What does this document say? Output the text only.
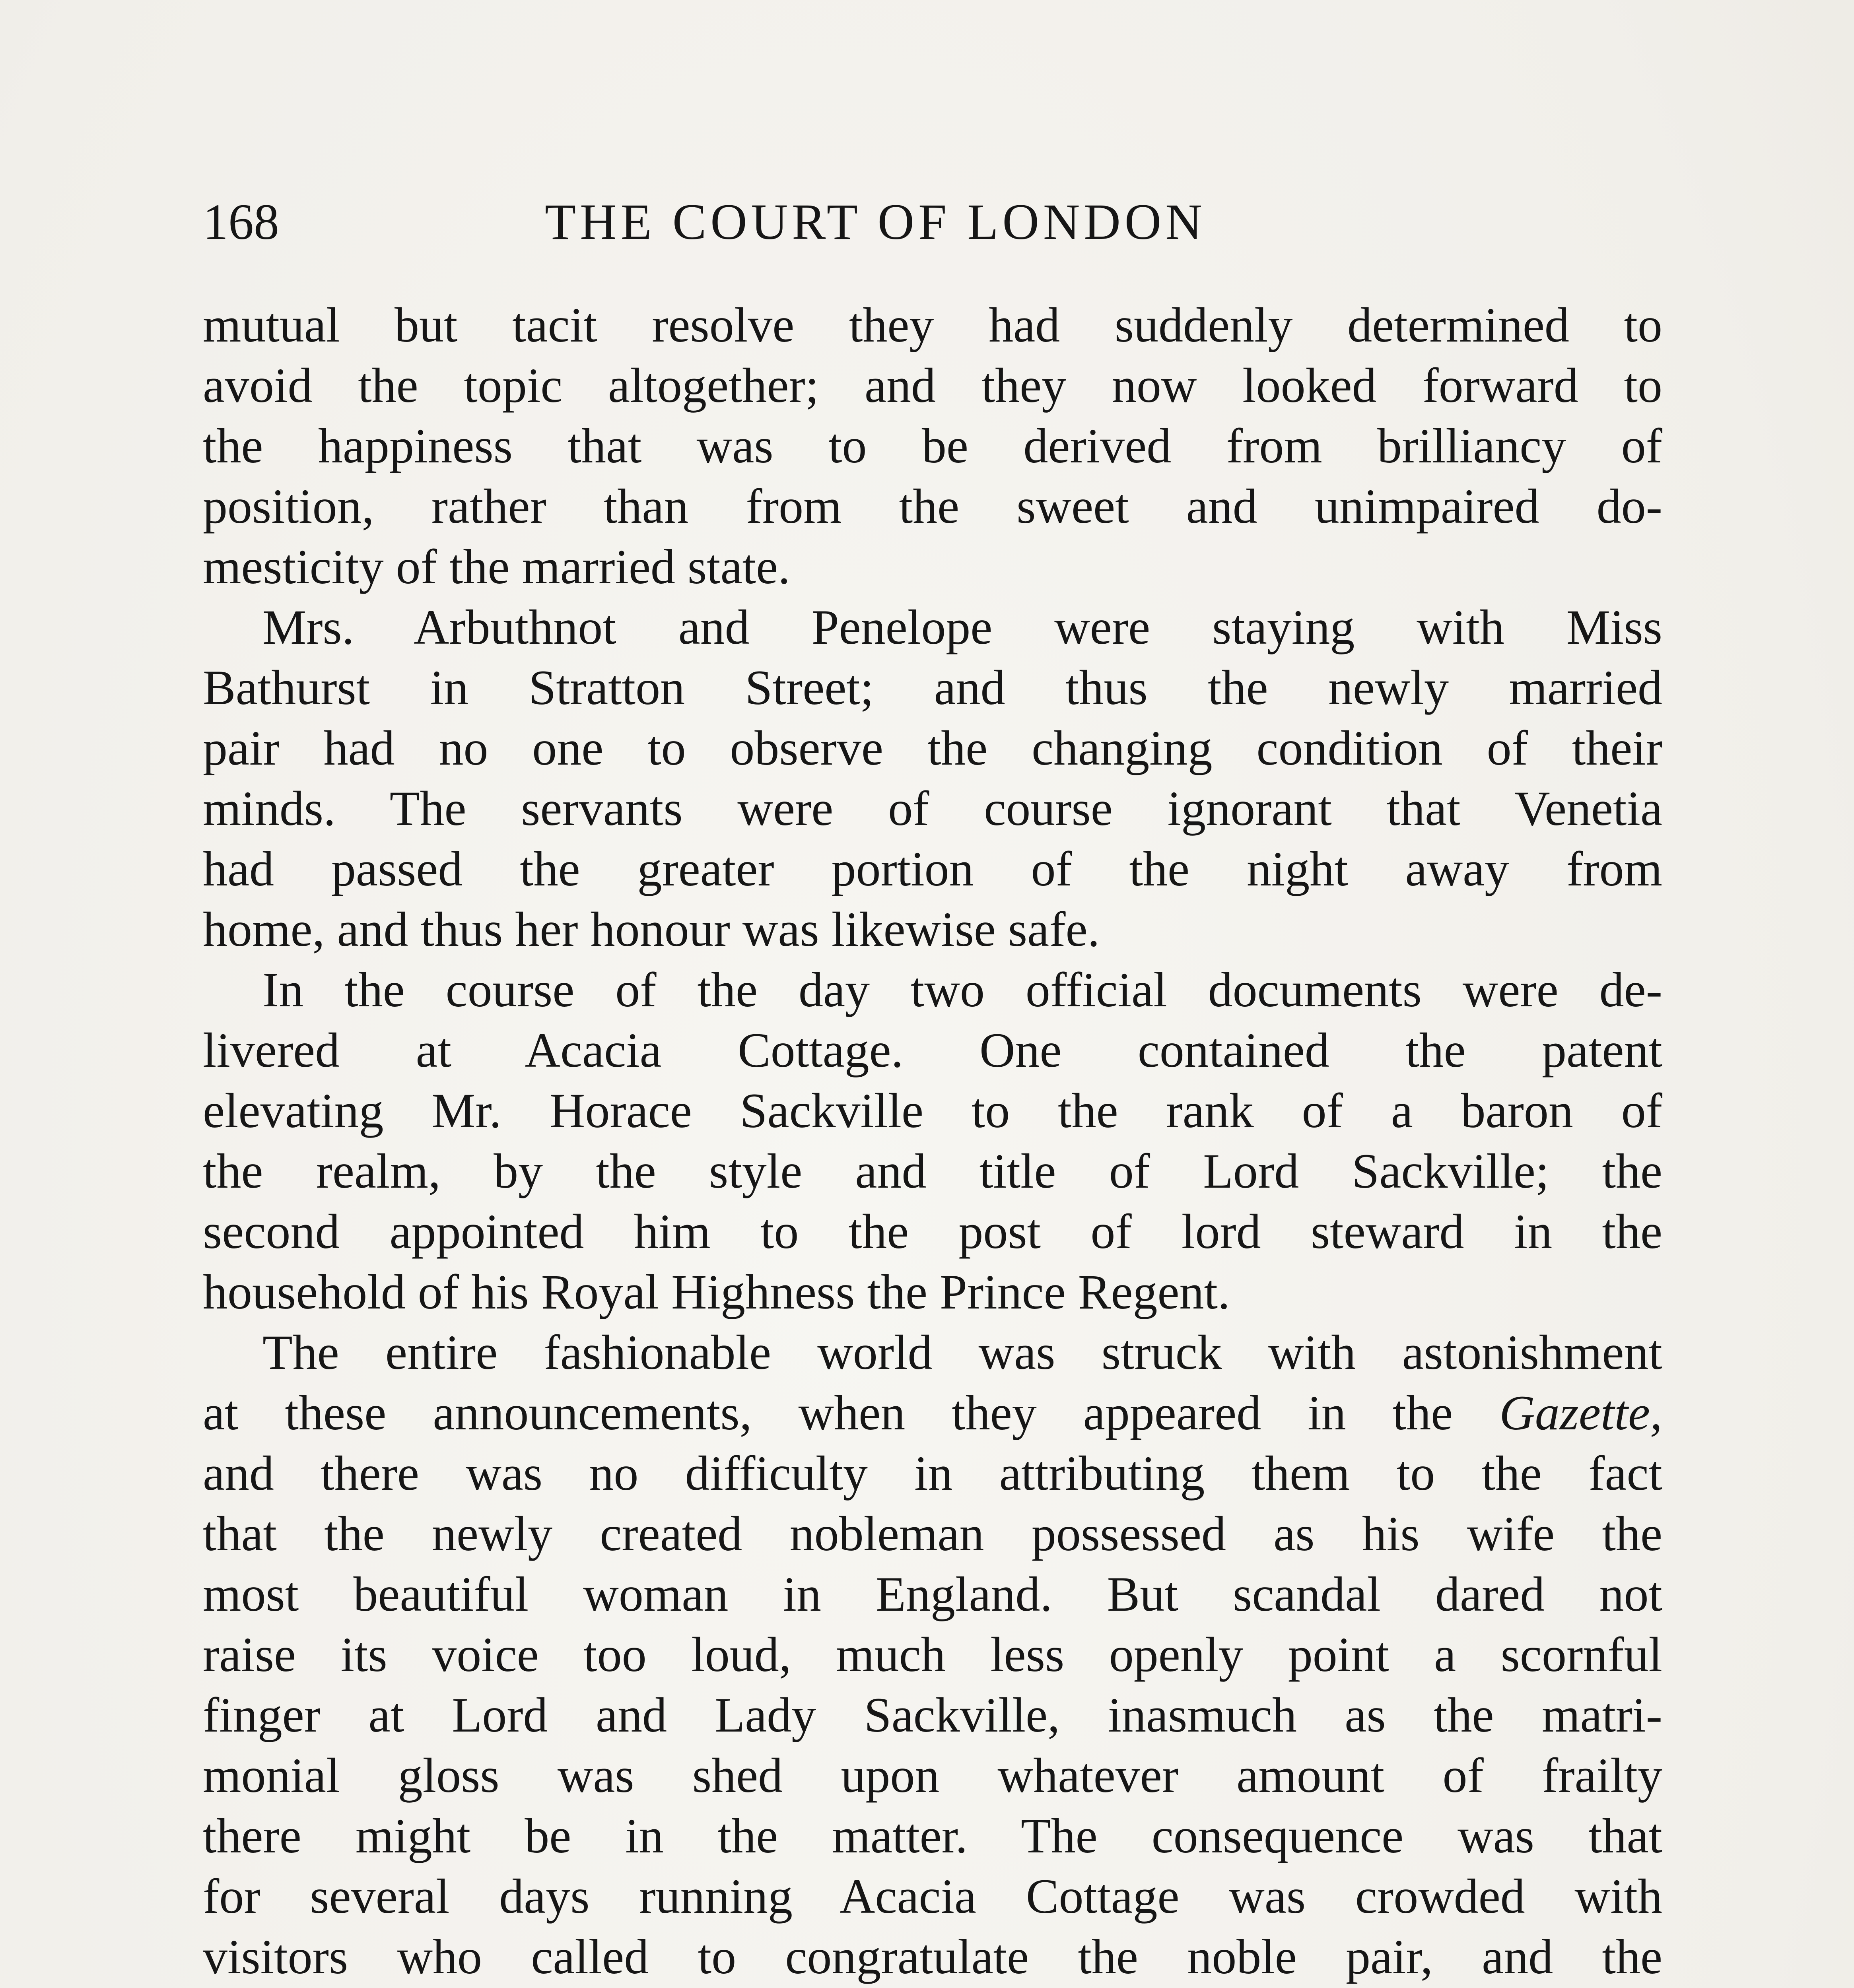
168	THE COURT OF LONDON
mutual but tacit resolve they had suddenly determined to
avoid the topic altogether; and they now looked forward to
the happiness that was to be derived from brilliancy of
position, rather than from the sweet and unimpaired do-
mesticity of the married state.
Mrs. Arbuthnot and Penelope were staying with Miss
Bathurst in Stratton Street; and thus the newly married
pair had no one to observe the changing condition of their
minds. The servants were of course ignorant that Venetia
had passed the greater portion of the night away from
home, and thus her honour was likewise safe.
In the course of the day two official documents were de-
livered at Acacia Cottage. One contained the patent
elevating Mr. Horace Sackville to the rank of a baron of
the realm, by the style and title of Lord Sackville; the
second appointed him to the post of lord steward in the
household of his Royal Highness the Prince Regent.
The entire fashionable world was struck with astonishment
at these announcements, when they appeared in the Gazette,
and there was no difficulty in attributing them to the fact
that the newly created nobleman possessed as his wife the
most beautiful woman in England. But scandal dared not
raise its voice too loud, much less openly point a scornful
finger at Lord and Lady Sackville, inasmuch as the matri-
monial gloss was shed upon whatever amount of frailty
there might be in the matter. The consequence was that
for several days running Acacia Cottage was crowded with
visitors who called to congratulate the noble pair, and the
